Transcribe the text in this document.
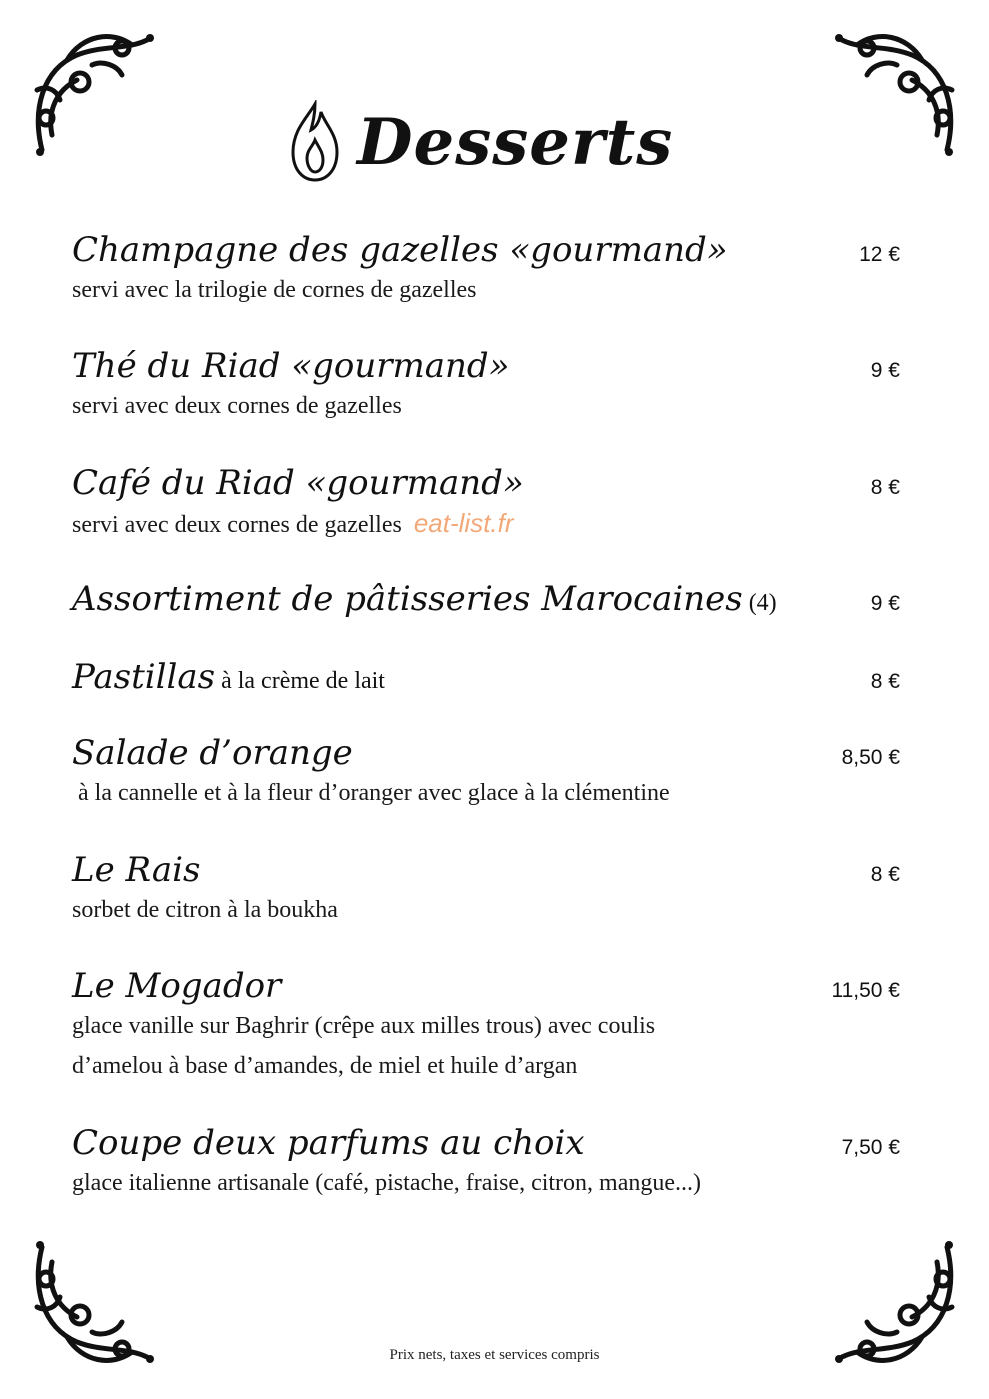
Desserts
Champagne des gazelles «gourmand»	12 €
servi avec la trilogie de cornes de gazelles
Thé du Riad «gourmand»	9 €
servi avec deux cornes de gazelles
Café du Riad «gourmand»	8 €
servi avec deux cornes de gazelles eat-list.fr
Assortiment de pâtisseries Marocaines (4)	9 €
Pastillas à la crème de lait	8 €
Salade d’orange	8,50 €
à la cannelle et à la fleur d’oranger avec glace à la clémentine
Le Rais	8 €
sorbet de citron à la boukha
Le Mogador	11,50 €
glace vanille sur Baghrir (crêpe aux milles trous) avec coulis
d’amelou à base d’amandes, de miel et huile d’argan
Coupe deux parfums au choix	7,50 €
glace italienne artisanale (café, pistache, fraise, citron, mangue...)
Prix nets, taxes et services compris
